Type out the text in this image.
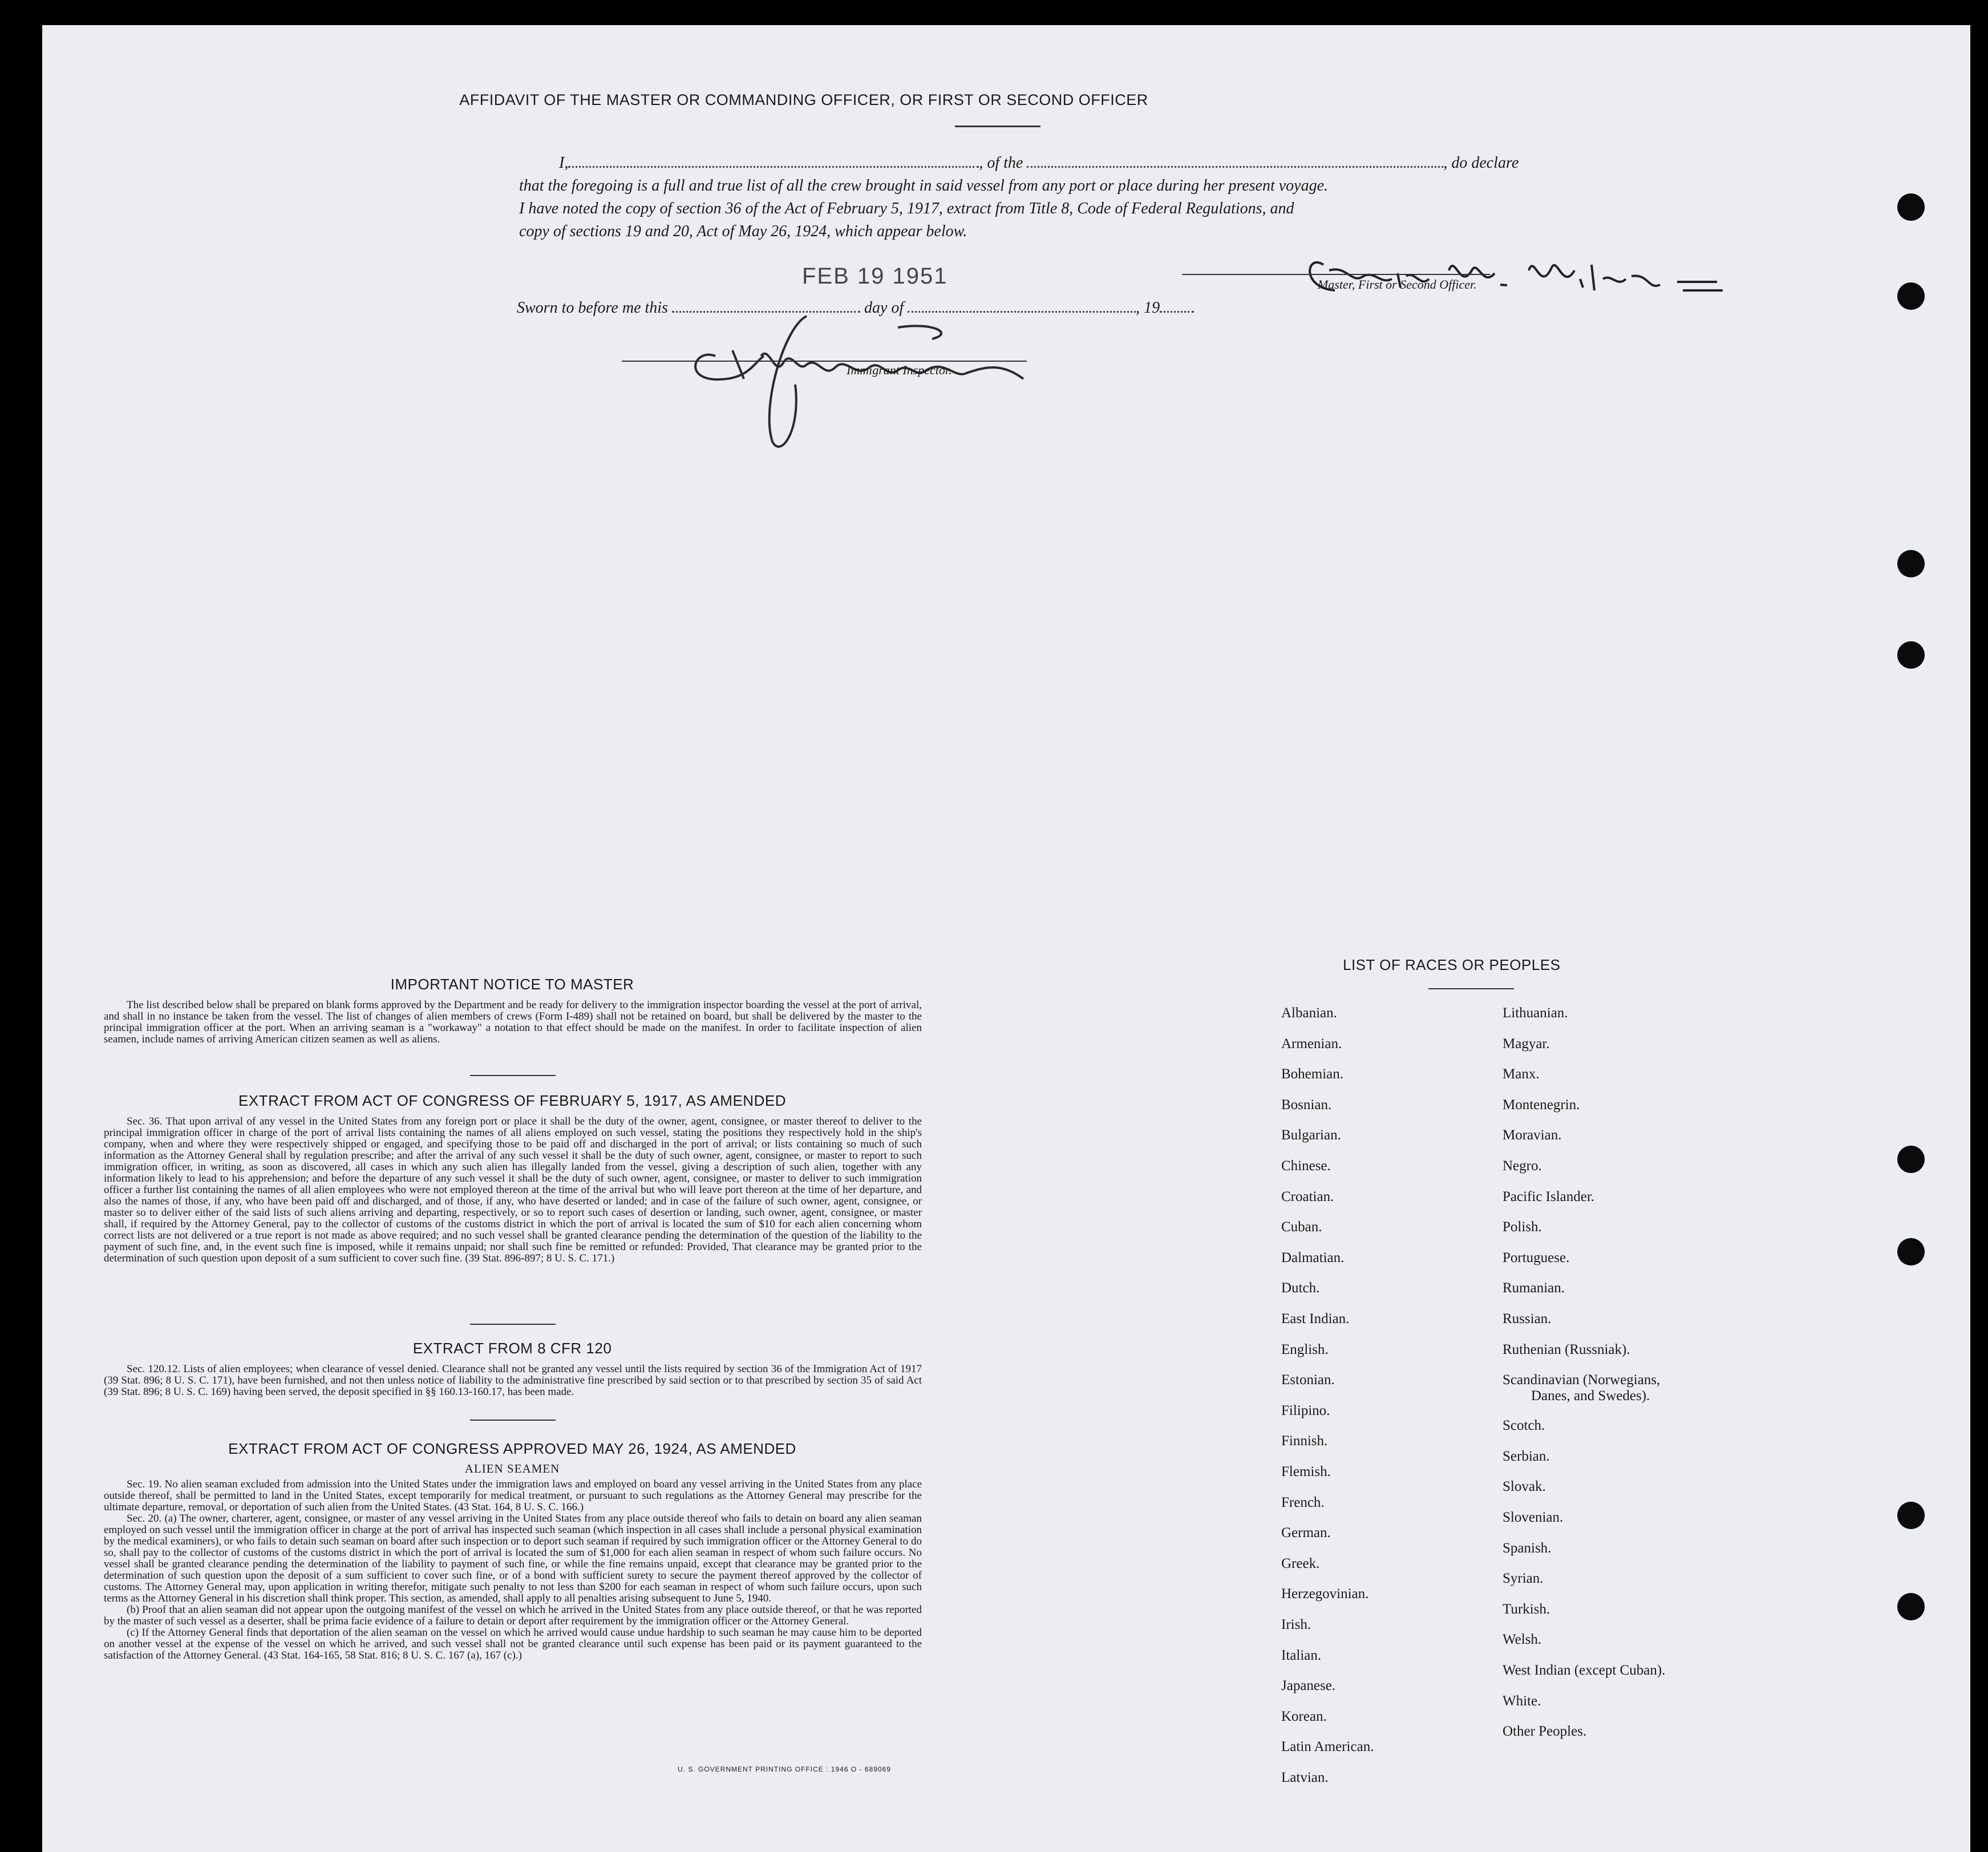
AFFIDAVIT OF THE MASTER OR COMMANDING OFFICER, OR FIRST OR SECOND OFFICER
I,	, of the	, do declare
that the foregoing is a full and true list of all the crew brought in said vessel from any port or place during her present voyage.
I have noted the copy of section 36 of the Act of February 5, 1917, extract from Title 8, Code of Federal Regulations, and
copy of sections 19 and 20, Act of May 26, 1924, which appear below.
Master, First or Second Officer.
FEB 19 1951
Sworn to before me this	day of	, 19
Immigrant Inspector.
IMPORTANT NOTICE TO MASTER

The list described below shall be prepared on blank forms approved by the Department and be ready for delivery to the immigration inspector boarding the vessel at the port of arrival, and shall in no instance be taken from the vessel. The list of changes of alien members of crews (Form I-489) shall not be retained on board, but shall be delivered by the master to the principal immigration officer at the port. When an arriving seaman is a "workaway" a notation to that effect should be made on the manifest. In order to facilitate inspection of alien seamen, include names of arriving American citizen seamen as well as aliens.

EXTRACT FROM ACT OF CONGRESS OF FEBRUARY 5, 1917, AS AMENDED

Sec. 36. That upon arrival of any vessel in the United States from any foreign port or place it shall be the duty of the owner, agent, consignee, or master thereof to deliver to the principal immigration officer in charge of the port of arrival lists containing the names of all aliens employed on such vessel, stating the positions they respectively hold in the ship's company, when and where they were respectively shipped or engaged, and specifying those to be paid off and discharged in the port of arrival; or lists containing so much of such information as the Attorney General shall by regulation prescribe; and after the arrival of any such vessel it shall be the duty of such owner, agent, consignee, or master to report to such immigration officer, in writing, as soon as discovered, all cases in which any such alien has illegally landed from the vessel, giving a description of such alien, together with any information likely to lead to his apprehension; and before the departure of any such vessel it shall be the duty of such owner, agent, consignee, or master to deliver to such immigration officer a further list containing the names of all alien employees who were not employed thereon at the time of the arrival but who will leave port thereon at the time of her departure, and also the names of those, if any, who have been paid off and discharged, and of those, if any, who have deserted or landed; and in case of the failure of such owner, agent, consignee, or master so to deliver either of the said lists of such aliens arriving and departing, respectively, or so to report such cases of desertion or landing, such owner, agent, consignee, or master shall, if required by the Attorney General, pay to the collector of customs of the customs district in which the port of arrival is located the sum of $10 for each alien concerning whom correct lists are not delivered or a true report is not made as above required; and no such vessel shall be granted clearance pending the determination of the question of the liability to the payment of such fine, and, in the event such fine is imposed, while it remains unpaid; nor shall such fine be remitted or refunded: Provided, That clearance may be granted prior to the determination of such question upon deposit of a sum sufficient to cover such fine. (39 Stat. 896-897; 8 U. S. C. 171.)

EXTRACT FROM 8 CFR 120

Sec. 120.12. Lists of alien employees; when clearance of vessel denied. Clearance shall not be granted any vessel until the lists required by section 36 of the Immigration Act of 1917 (39 Stat. 896; 8 U. S. C. 171), have been furnished, and not then unless notice of liability to the administrative fine prescribed by said section or to that prescribed by section 35 of said Act (39 Stat. 896; 8 U. S. C. 169) having been served, the deposit specified in §§ 160.13-160.17, has been made.

EXTRACT FROM ACT OF CONGRESS APPROVED MAY 26, 1924, AS AMENDED
ALIEN SEAMEN

Sec. 19. No alien seaman excluded from admission into the United States under the immigration laws and employed on board any vessel arriving in the United States from any place outside thereof, shall be permitted to land in the United States, except temporarily for medical treatment, or pursuant to such regulations as the Attorney General may prescribe for the ultimate departure, removal, or deportation of such alien from the United States. (43 Stat. 164, 8 U. S. C. 166.)

Sec. 20. (a) The owner, charterer, agent, consignee, or master of any vessel arriving in the United States from any place outside thereof who fails to detain on board any alien seaman employed on such vessel until the immigration officer in charge at the port of arrival has inspected such seaman (which inspection in all cases shall include a personal physical examination by the medical examiners), or who fails to detain such seaman on board after such inspection or to deport such seaman if required by such immigration officer or the Attorney General to do so, shall pay to the collector of customs of the customs district in which the port of arrival is located the sum of $1,000 for each alien seaman in respect of whom such failure occurs. No vessel shall be granted clearance pending the determination of the liability to payment of such fine, or while the fine remains unpaid, except that clearance may be granted prior to the determination of such question upon the deposit of a sum sufficient to cover such fine, or of a bond with sufficient surety to secure the payment thereof approved by the collector of customs. The Attorney General may, upon application in writing therefor, mitigate such penalty to not less than $200 for each seaman in respect of whom such failure occurs, upon such terms as the Attorney General in his discretion shall think proper. This section, as amended, shall apply to all penalties arising subsequent to June 5, 1940.

(b) Proof that an alien seaman did not appear upon the outgoing manifest of the vessel on which he arrived in the United States from any place outside thereof, or that he was reported by the master of such vessel as a deserter, shall be prima facie evidence of a failure to detain or deport after requirement by the immigration officer or the Attorney General.

(c) If the Attorney General finds that deportation of the alien seaman on the vessel on which he arrived would cause undue hardship to such seaman he may cause him to be deported on another vessel at the expense of the vessel on which he arrived, and such vessel shall not be granted clearance until such expense has been paid or its payment guaranteed to the satisfaction of the Attorney General. (43 Stat. 164-165, 58 Stat. 816; 8 U. S. C. 167 (a), 167 (c).)

U. S. GOVERNMENT PRINTING OFFICE : 1946 O - 689069
LIST OF RACES OR PEOPLES
Albanian.
Armenian.
Bohemian.
Bosnian.
Bulgarian.
Chinese.
Croatian.
Cuban.
Dalmatian.
Dutch.
East Indian.
English.
Estonian.
Filipino.
Finnish.
Flemish.
French.
German.
Greek.
Herzegovinian.
Irish.
Italian.
Japanese.
Korean.
Latin American.
Latvian.
Lithuanian.
Magyar.
Manx.
Montenegrin.
Moravian.
Negro.
Pacific Islander.
Polish.
Portuguese.
Rumanian.
Russian.
Ruthenian (Russniak).
Scandinavian (Norwegians,
Danes, and Swedes).
Scotch.
Serbian.
Slovak.
Slovenian.
Spanish.
Syrian.
Turkish.
Welsh.
West Indian (except Cuban).
White.
Other Peoples.
